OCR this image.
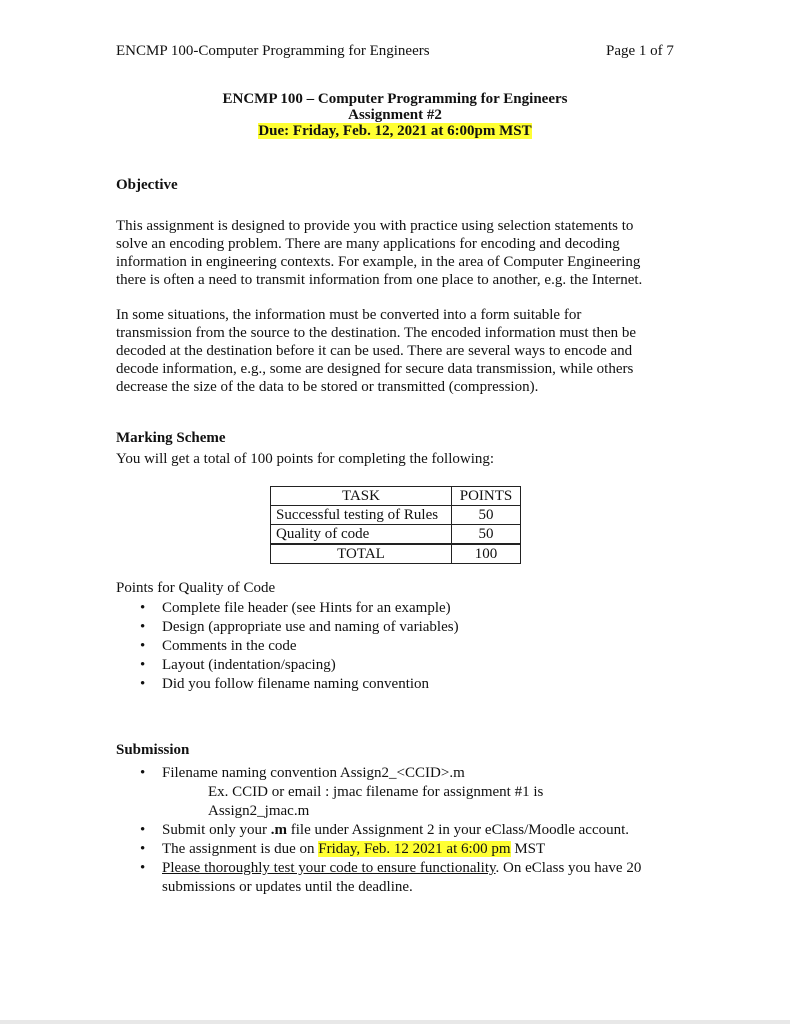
ENCMP 100-Computer Programming for Engineers	Page 1 of 7
ENCMP 100 – Computer Programming for Engineers
Assignment #2
Due: Friday, Feb. 12, 2021 at 6:00pm MST
Objective
This assignment is designed to provide you with practice using selection statements to
solve an encoding problem. There are many applications for encoding and decoding
information in engineering contexts. For example, in the area of Computer Engineering
there is often a need to transmit information from one place to another, e.g. the Internet.
In some situations, the information must be converted into a form suitable for
transmission from the source to the destination. The encoded information must then be
decoded at the destination before it can be used. There are several ways to encode and
decode information, e.g., some are designed for secure data transmission, while others
decrease the size of the data to be stored or transmitted (compression).
Marking Scheme
You will get a total of 100 points for completing the following:
TASK	POINTS
Successful testing of Rules	50
Quality of code	50
TOTAL	100
Points for Quality of Code
• Complete file header (see Hints for an example)
• Design (appropriate use and naming of variables)
• Comments in the code
• Layout (indentation/spacing)
• Did you follow filename naming convention
Submission
• Filename naming convention Assign2_<CCID>.m
Ex. CCID or email : jmac filename for assignment #1 is
Assign2_jmac.m
• Submit only your .m file under Assignment 2 in your eClass/Moodle account.
• The assignment is due on Friday, Feb. 12 2021 at 6:00 pm MST
• Please thoroughly test your code to ensure functionality. On eClass you have 20
submissions or updates until the deadline.
